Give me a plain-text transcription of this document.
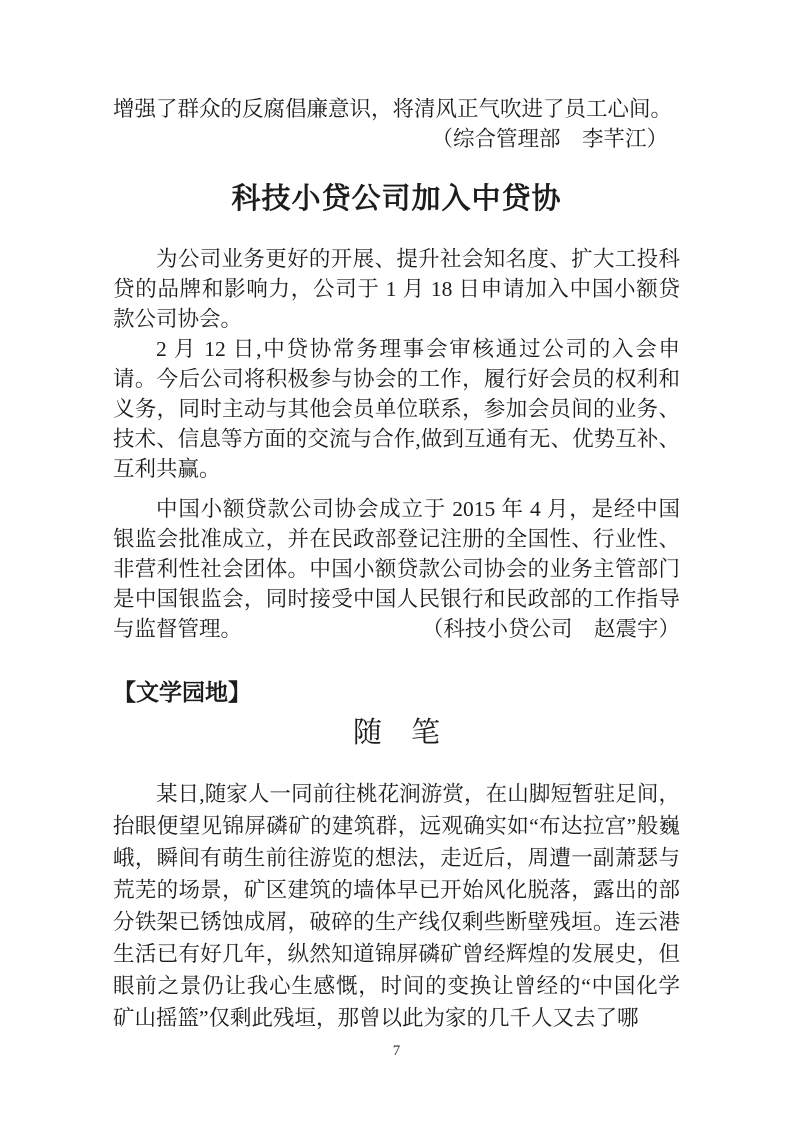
增强了群众的反腐倡廉意识，将清风正气吹进了员工心间。

（综合管理部　李芊江）

科技小贷公司加入中贷协

为公司业务更好的开展、提升社会知名度、扩大工投科贷的品牌和影响力，公司于 1 月 18 日申请加入中国小额贷款公司协会。

2 月 12 日,中贷协常务理事会审核通过公司的入会申请。今后公司将积极参与协会的工作，履行好会员的权利和义务，同时主动与其他会员单位联系，参加会员间的业务、技术、信息等方面的交流与合作,做到互通有无、优势互补、互利共赢。

中国小额贷款公司协会成立于 2015 年 4 月，是经中国银监会批准成立，并在民政部登记注册的全国性、行业性、非营利性社会团体。中国小额贷款公司协会的业务主管部门是中国银监会，同时接受中国人民银行和民政部的工作指导与监督管理。	（科技小贷公司　赵震宇）

【文学园地】
随　笔

某日,随家人一同前往桃花涧游赏，在山脚短暂驻足间，抬眼便望见锦屏磷矿的建筑群，远观确实如“布达拉宫”般巍峨，瞬间有萌生前往游览的想法，走近后，周遭一副萧瑟与荒芜的场景，矿区建筑的墙体早已开始风化脱落，露出的部分铁架已锈蚀成屑，破碎的生产线仅剩些断壁残垣。连云港生活已有好几年，纵然知道锦屏磷矿曾经辉煌的发展史，但眼前之景仍让我心生感慨，时间的变换让曾经的“中国化学矿山摇篮”仅剩此残垣，那曾以此为家的几千人又去了哪

7
